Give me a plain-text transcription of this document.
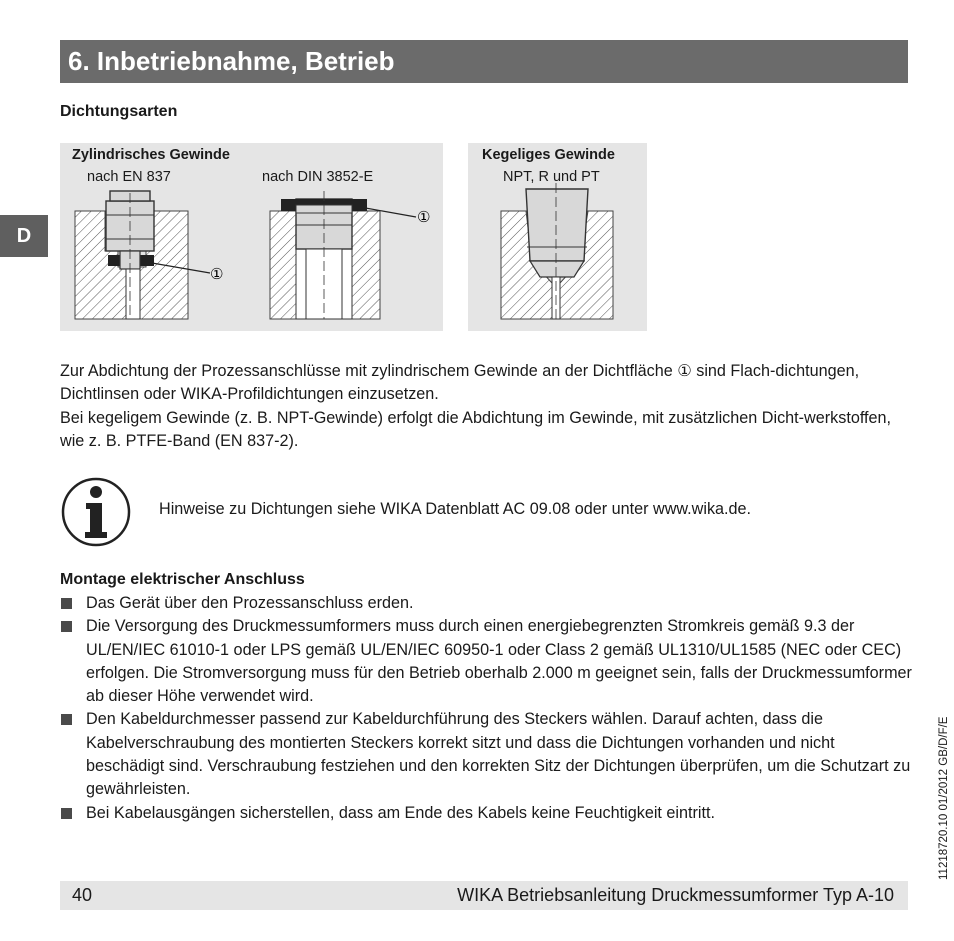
6. Inbetriebnahme, Betrieb
D
Dichtungsarten
①
①
Zylindrisches Gewinde
nach EN 837	nach DIN 3852-E
Kegeliges Gewinde
NPT, R und PT

Zur Abdichtung der Prozessanschlüsse mit zylindrischem Gewinde an der Dichtfläche ① sind Flach-dichtungen, Dichtlinsen oder WIKA-Profildichtungen einzusetzen.

Bei kegeligem Gewinde (z. B. NPT-Gewinde) erfolgt die Abdichtung im Gewinde, mit zusätzlichen Dicht-werkstoffen, wie z. B. PTFE-Band (EN 837-2).

Hinweise zu Dichtungen siehe WIKA Datenblatt AC 09.08 oder unter www.wika.de.
Montage elektrischer Anschluss
Das Gerät über den Prozessanschluss erden.
Die Versorgung des Druckmessumformers muss durch einen energiebegrenzten Stromkreis gemäß 9.3 der UL/EN/IEC 61010-1 oder LPS gemäß UL/EN/IEC 60950-1 oder Class 2 gemäß UL1310/UL1585 (NEC oder CEC) erfolgen. Die Stromversorgung muss für den Betrieb oberhalb 2.000 m geeignet sein, falls der Druckmessumformer ab dieser Höhe verwendet wird.
Den Kabeldurchmesser passend zur Kabeldurchführung des Steckers wählen. Darauf achten, dass die Kabelverschraubung des montierten Steckers korrekt sitzt und dass die Dichtungen vorhanden und nicht beschädigt sind. Verschraubung festziehen und den korrekten Sitz der Dichtungen überprüfen, um die Schutzart zu gewährleisten.
Bei Kabelausgängen sicherstellen, dass am Ende des Kabels keine Feuchtigkeit eintritt.
40	WIKA Betriebsanleitung Druckmessumformer Typ A-10
11218720.10 01/2012 GB/D/F/E
